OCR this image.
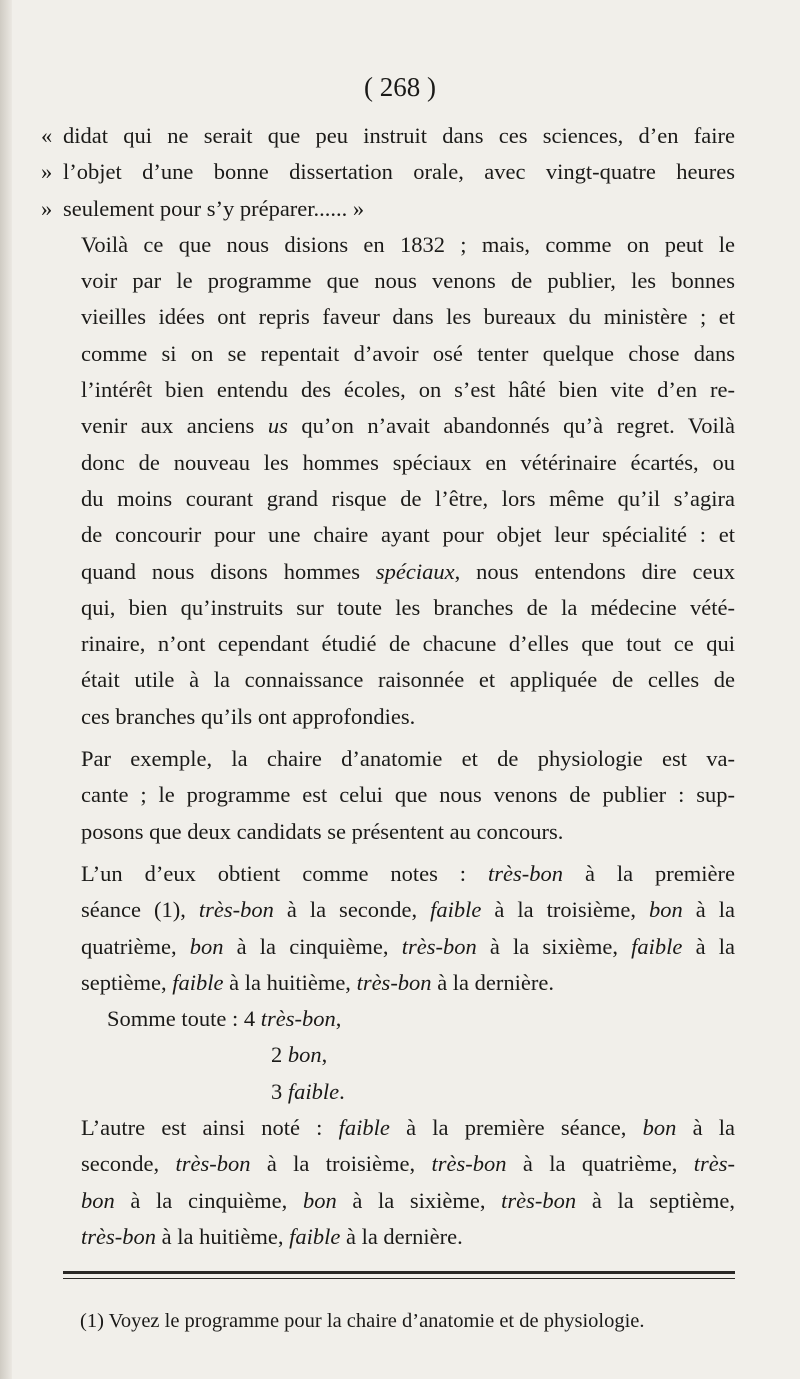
( 268 )

« didat qui ne serait que peu instruit dans ces sciences, d’en faire
» l’objet d’une bonne dissertation orale, avec vingt-quatre heures
» seulement pour s’y préparer...... »

Voilà ce que nous disions en 1832 ; mais, comme on peut le
voir par le programme que nous venons de publier, les bonnes
vieilles idées ont repris faveur dans les bureaux du ministère ; et
comme si on se repentait d’avoir osé tenter quelque chose dans
l’intérêt bien entendu des écoles, on s’est hâté bien vite d’en re-
venir aux anciens us qu’on n’avait abandonnés qu’à regret. Voilà
donc de nouveau les hommes spéciaux en vétérinaire écartés, ou
du moins courant grand risque de l’être, lors même qu’il s’agira
de concourir pour une chaire ayant pour objet leur spécialité : et
quand nous disons hommes spéciaux, nous entendons dire ceux
qui, bien qu’instruits sur toute les branches de la médecine vété-
rinaire, n’ont cependant étudié de chacune d’elles que tout ce qui
était utile à la connaissance raisonnée et appliquée de celles de
ces branches qu’ils ont approfondies.

Par exemple, la chaire d’anatomie et de physiologie est va-
cante ; le programme est celui que nous venons de publier : sup-
posons que deux candidats se présentent au concours.

L’un d’eux obtient comme notes : très-bon à la première
séance (1), très-bon à la seconde, faible à la troisième, bon à la
quatrième, bon à la cinquième, très-bon à la sixième, faible à la
septième, faible à la huitième, très-bon à la dernière.

Somme toute : 4 très-bon,
2 bon,
3 faible.

L’autre est ainsi noté : faible à la première séance, bon à la
seconde, très-bon à la troisième, très-bon à la quatrième, très-
bon à la cinquième, bon à la sixième, très-bon à la septième,
très-bon à la huitième, faible à la dernière.

(1) Voyez le programme pour la chaire d’anatomie et de physiologie.
